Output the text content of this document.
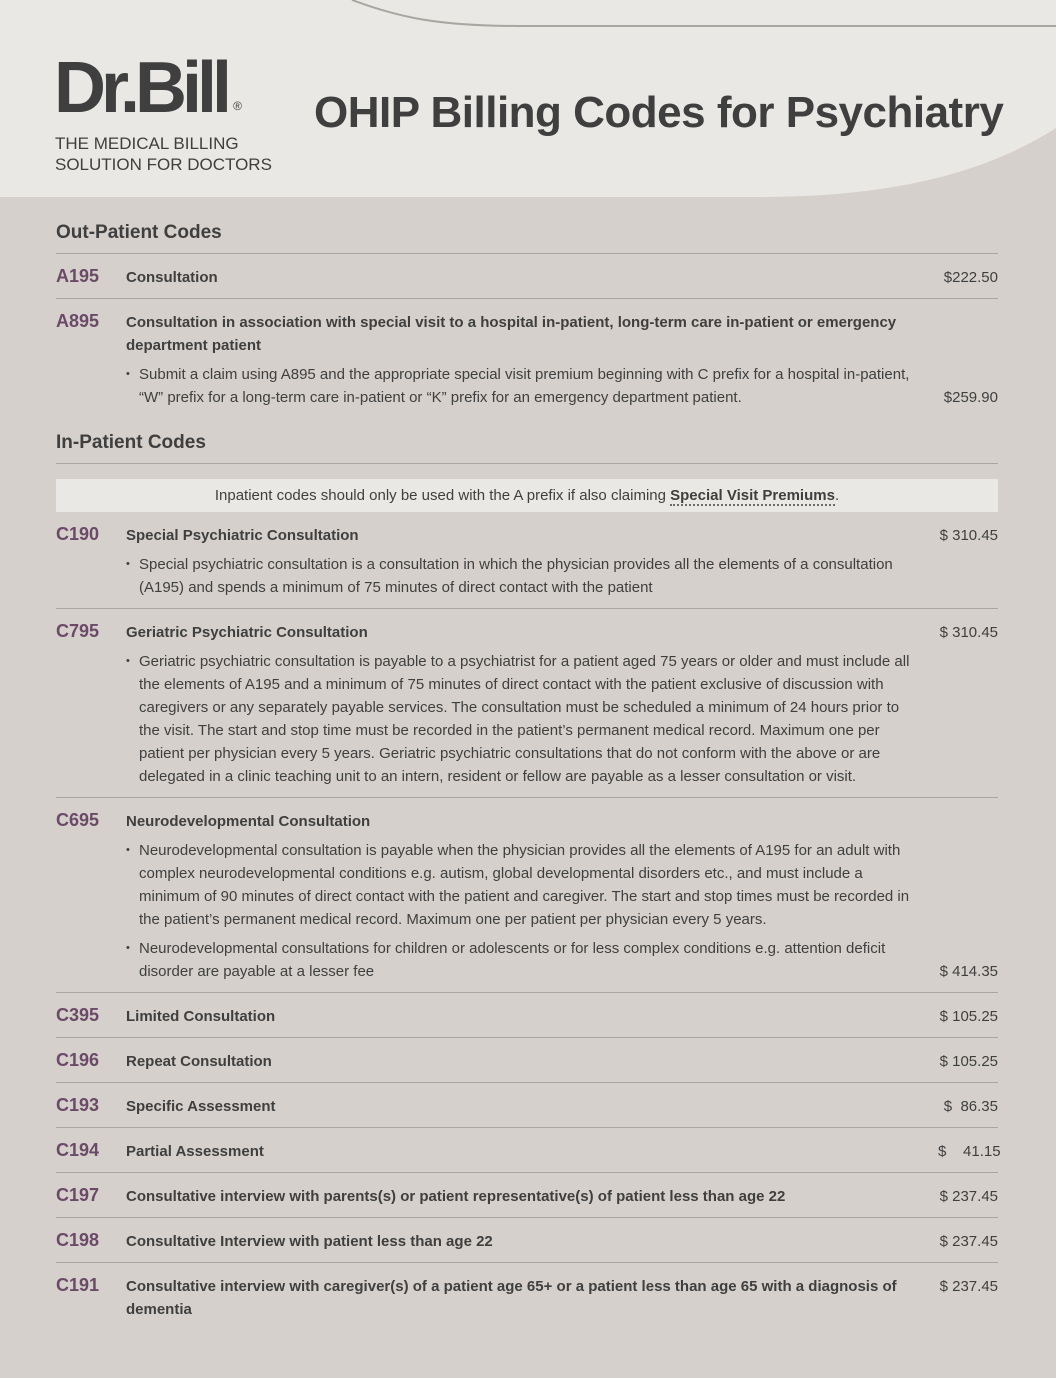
Dr.Bill ®
THE MEDICAL BILLING
SOLUTION FOR DOCTORS
OHIP Billing Codes for Psychiatry
Out-Patient Codes
A195	Consultation	$222.50
A895	Consultation in association with special visit to a hospital in-patient, long-term care in-patient or emergency department patient
• Submit a claim using A895 and the appropriate special visit premium beginning with C prefix for a hospital in-patient, “W” prefix for a long-term care in-patient or “K” prefix for an emergency department patient.	$259.90
In-Patient Codes
Inpatient codes should only be used with the A prefix if also claiming Special Visit Premiums.
C190	Special Psychiatric Consultation
• Special psychiatric consultation is a consultation in which the physician provides all the elements of a consultation (A195) and spends a minimum of 75 minutes of direct contact with the patient
$ 310.45
C795	Geriatric Psychiatric Consultation
• Geriatric psychiatric consultation is payable to a psychiatrist for a patient aged 75 years or older and must include all the elements of A195 and a minimum of 75 minutes of direct contact with the patient exclusive of discussion with caregivers or any separately payable services. The consultation must be scheduled a minimum of 24 hours prior to the visit. The start and stop time must be recorded in the patient’s permanent medical record. Maximum one per patient per physician every 5 years. Geriatric psychiatric consultations that do not conform with the above or are delegated in a clinic teaching unit to an intern, resident or fellow are payable as a lesser consultation or visit.
$ 310.45
C695	Neurodevelopmental Consultation
• Neurodevelopmental consultation is payable when the physician provides all the elements of A195 for an adult with complex neurodevelopmental conditions e.g. autism, global developmental disorders etc., and must include a minimum of 90 minutes of direct contact with the patient and caregiver. The start and stop times must be recorded in the patient’s permanent medical record. Maximum one per patient per physician every 5 years.
• Neurodevelopmental consultations for children or adolescents or for less complex conditions e.g. attention deficit disorder are payable at a lesser fee	$ 414.35
C395	Limited Consultation	$ 105.25
C196	Repeat Consultation	$ 105.25
C193	Specific Assessment	$  86.35
C194	Partial Assessment	$    41.15
C197	Consultative interview with parents(s) or patient representative(s) of patient less than age 22	$ 237.45
C198	Consultative Interview with patient less than age 22	$ 237.45
C191	Consultative interview with caregiver(s) of a patient age 65+ or a patient less than age 65 with a diagnosis of dementia
$ 237.45
